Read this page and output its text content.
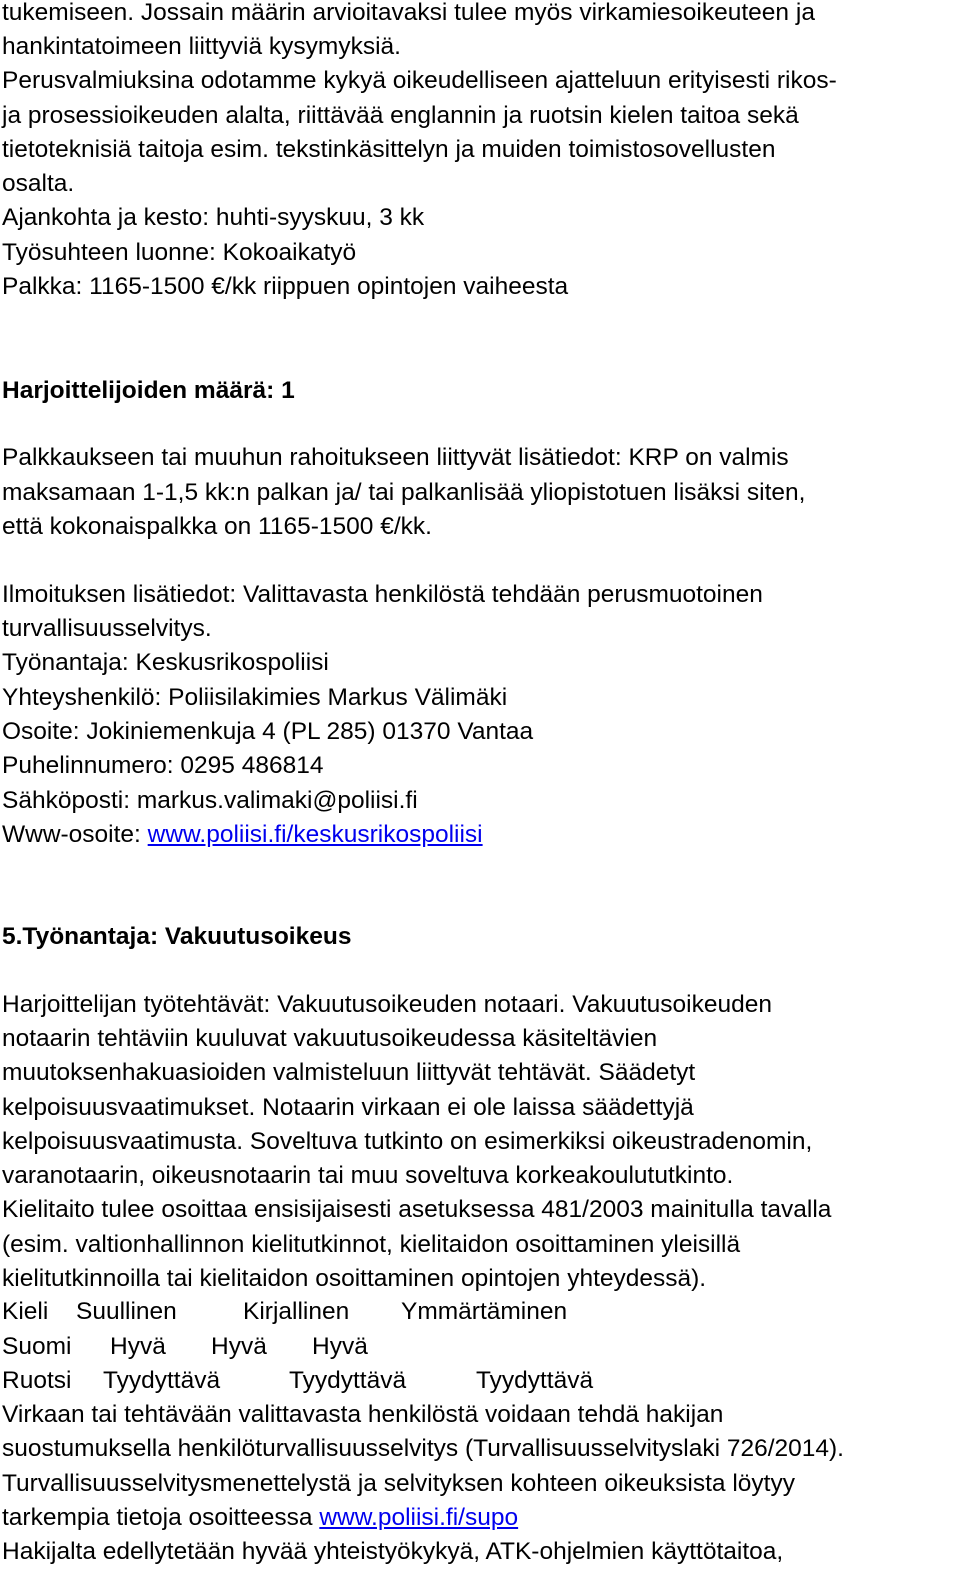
tukemiseen. Jossain määrin arvioitavaksi tulee myös virkamiesoikeuteen ja

hankintatoimeen liittyviä kysymyksiä.

Perusvalmiuksina odotamme kykyä oikeudelliseen ajatteluun erityisesti rikos-

ja prosessioikeuden alalta, riittävää englannin ja ruotsin kielen taitoa sekä

tietoteknisiä taitoja esim. tekstinkäsittelyn ja muiden toimistosovellusten

osalta.

Ajankohta ja kesto: huhti-syyskuu, 3 kk

Työsuhteen luonne: Kokoaikatyö

Palkka: 1165-1500 €/kk riippuen opintojen vaiheesta

Harjoittelijoiden määrä: 1

Palkkaukseen tai muuhun rahoitukseen liittyvät lisätiedot: KRP on valmis

maksamaan 1-1,5 kk:n palkan ja/ tai palkanlisää yliopistotuen lisäksi siten,

että kokonaispalkka on 1165-1500 €/kk.

Ilmoituksen lisätiedot: Valittavasta henkilöstä tehdään perusmuotoinen

turvallisuusselvitys.

Työnantaja: Keskusrikospoliisi

Yhteyshenkilö: Poliisilakimies Markus Välimäki

Osoite: Jokiniemenkuja 4 (PL 285) 01370 Vantaa

Puhelinnumero: 0295 486814

Sähköposti: markus.valimaki@poliisi.fi

Www-osoite: www.poliisi.fi/keskusrikospoliisi

5.Työnantaja: Vakuutusoikeus

Harjoittelijan työtehtävät: Vakuutusoikeuden notaari. Vakuutusoikeuden

notaarin tehtäviin kuuluvat vakuutusoikeudessa käsiteltävien

muutoksenhakuasioiden valmisteluun liittyvät tehtävät. Säädetyt

kelpoisuusvaatimukset. Notaarin virkaan ei ole laissa säädettyjä

kelpoisuusvaatimusta. Soveltuva tutkinto on esimerkiksi oikeustradenomin,

varanotaarin, oikeusnotaarin tai muu soveltuva korkeakoulututkinto.

Kielitaito tulee osoittaa ensisijaisesti asetuksessa 481/2003 mainitulla tavalla

(esim. valtionhallinnon kielitutkinnot, kielitaidon osoittaminen yleisillä

kielitutkinnoilla tai kielitaidon osoittaminen opintojen yhteydessä).

Kieli Suullinen	Kirjallinen Ymmärtäminen
Suomi Hyvä Hyvä Hyvä
Ruotsi Tyydyttävä	Tyydyttävä	Tyydyttävä

Virkaan tai tehtävään valittavasta henkilöstä voidaan tehdä hakijan

suostumuksella henkilöturvallisuusselvitys (Turvallisuusselvityslaki 726/2014).

Turvallisuusselvitysmenettelystä ja selvityksen kohteen oikeuksista löytyy

tarkempia tietoja osoitteessa www.poliisi.fi/supo

Hakijalta edellytetään hyvää yhteistyökykyä, ATK-ohjelmien käyttötaitoa,
